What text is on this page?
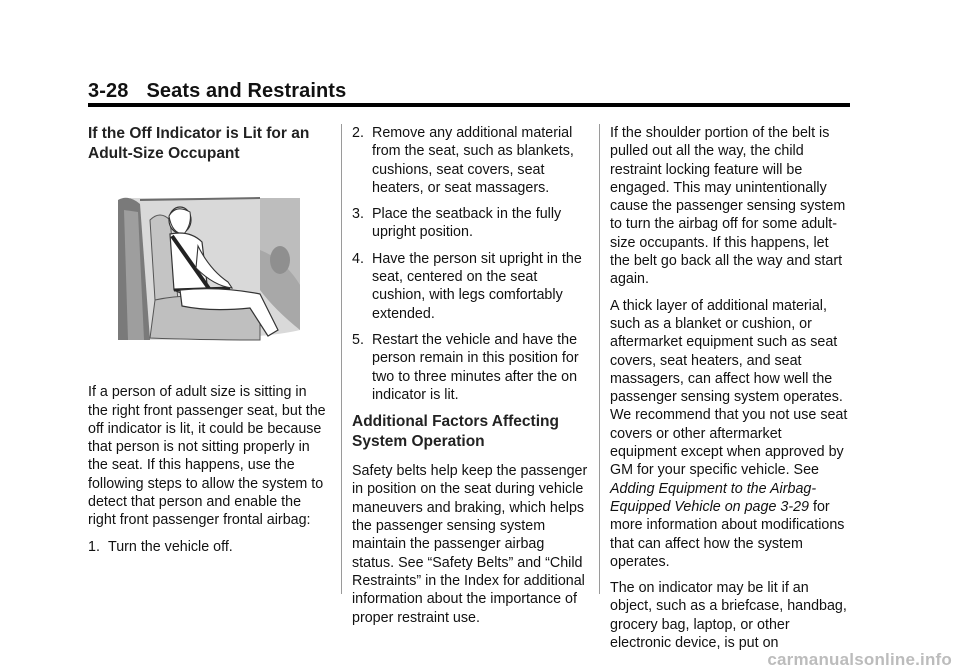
3-28 Seats and Restraints
If the Off Indicator is Lit for an Adult-Size Occupant

If a person of adult size is sitting in the right front passenger seat, but the off indicator is lit, it could be because that person is not sitting properly in the seat. If this happens, use the following steps to allow the system to detect that person and enable the right front passenger frontal airbag:

1. Turn the vehicle off.
2. Remove any additional material from the seat, such as blankets, cushions, seat covers, seat heaters, or seat massagers.
3. Place the seatback in the fully upright position.
4. Have the person sit upright in the seat, centered on the seat cushion, with legs comfortably extended.
5. Restart the vehicle and have the person remain in this position for two to three minutes after the on indicator is lit.
Additional Factors Affecting System Operation

Safety belts help keep the passenger in position on the seat during vehicle maneuvers and braking, which helps the passenger sensing system maintain the passenger airbag status. See “Safety Belts” and “Child Restraints” in the Index for additional information about the importance of proper restraint use.

If the shoulder portion of the belt is pulled out all the way, the child restraint locking feature will be engaged. This may unintentionally cause the passenger sensing system to turn the airbag off for some adult-size occupants. If this happens, let the belt go back all the way and start again.

A thick layer of additional material, such as a blanket or cushion, or aftermarket equipment such as seat covers, seat heaters, and seat massagers, can affect how well the passenger sensing system operates. We recommend that you not use seat covers or other aftermarket equipment except when approved by GM for your specific vehicle. See Adding Equipment to the Airbag-Equipped Vehicle on page 3-29 for more information about modifications that can affect how the system operates.

The on indicator may be lit if an object, such as a briefcase, handbag, grocery bag, laptop, or other electronic device, is put on

carmanualsonline.info
